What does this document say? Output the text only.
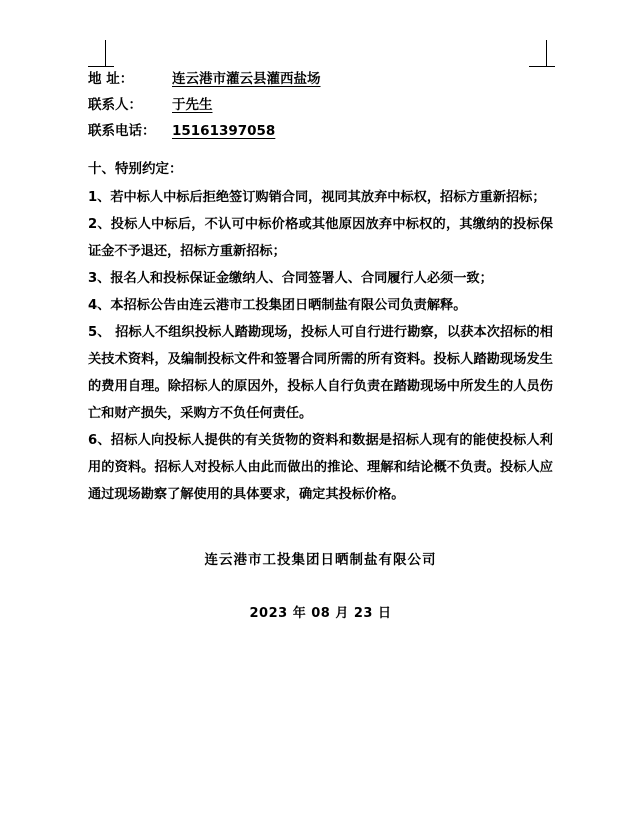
地 址：	连云港市灌云县灌西盐场
联系人： 于先生
联系电话： 15161397058
十、特别约定：

1、若中标人中标后拒绝签订购销合同，视同其放弃中标权，招标方重新招标；

2、投标人中标后，不认可中标价格或其他原因放弃中标权的，其缴纳的投标保证金不予退还，招标方重新招标；

3、报名人和投标保证金缴纳人、合同签署人、合同履行人必须一致；

4、本招标公告由连云港市工投集团日晒制盐有限公司负责解释。

5、 招标人不组织投标人踏勘现场，投标人可自行进行勘察，以获本次招标的相关技术资料，及编制投标文件和签署合同所需的所有资料。投标人踏勘现场发生的费用自理。除招标人的原因外，投标人自行负责在踏勘现场中所发生的人员伤亡和财产损失，采购方不负任何责任。

6、招标人向投标人提供的有关货物的资料和数据是招标人现有的能使投标人利用的资料。招标人对投标人由此而做出的推论、理解和结论概不负责。投标人应通过现场勘察了解使用的具体要求，确定其投标价格。

连云港市工投集团日晒制盐有限公司
2023 年 08 月 23 日
